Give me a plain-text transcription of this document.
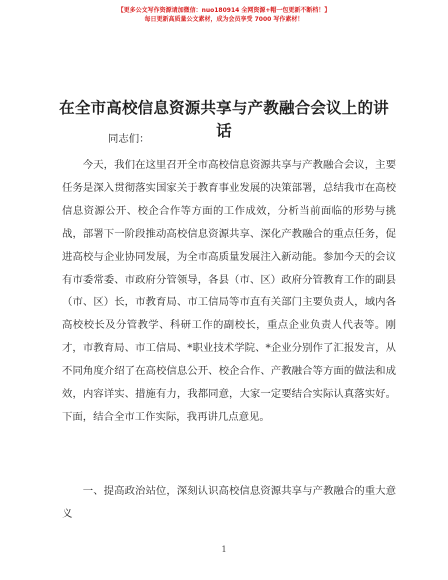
【更多公文写作资源请加微信：nuo180914 全网资源+帽一包更新不断档！】
每日更新高质量公文素材，成为会员享受 7000 写作素材！
在全市高校信息资源共享与产教融合会议上的讲话
同志们：
今天，我们在这里召开全市高校信息资源共享与产教融合会议，主要任务是深入贯彻落实国家关于教育事业发展的决策部署，总结我市在高校信息资源公开、校企合作等方面的工作成效，分析当前面临的形势与挑战，部署下一阶段推动高校信息资源共享、深化产教融合的重点任务，促进高校与企业协同发展，为全市高质量发展注入新动能。参加今天的会议有市委常委、市政府分管领导，各县（市、区）政府分管教育工作的副县（市、区）长，市教育局、市工信局等市直有关部门主要负责人，域内各高校校长及分管教学、科研工作的副校长，重点企业负责人代表等。刚才，市教育局、市工信局、*职业技术学院、*企业分别作了汇报发言，从不同角度介绍了在高校信息公开、校企合作、产教融合等方面的做法和成效，内容详实、措施有力，我都同意，大家一定要结合实际认真落实好。下面，结合全市工作实际，我再讲几点意见。
一、提高政治站位，深刻认识高校信息资源共享与产教融合的重大意义
1
